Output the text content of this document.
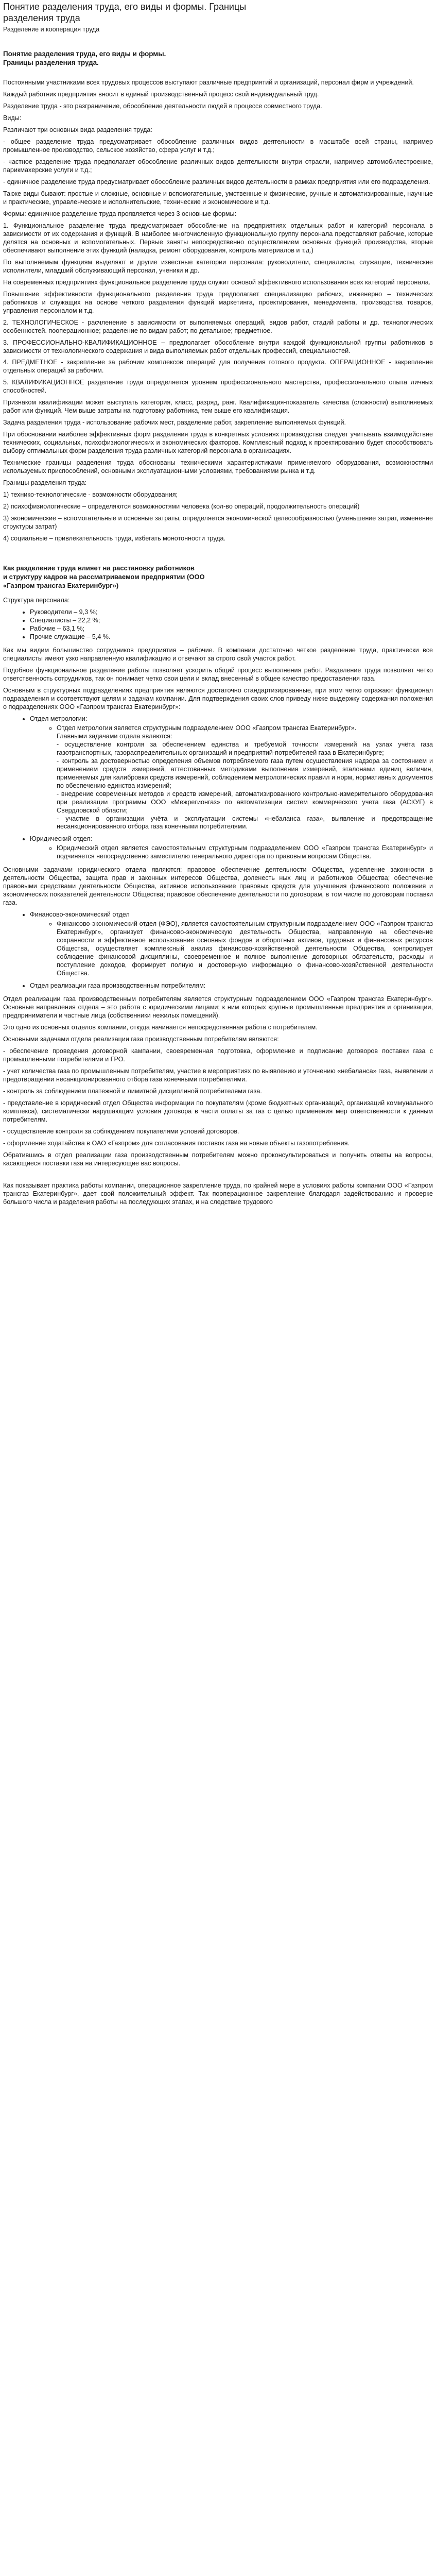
Понятие разделения труда, его виды и формы. Границы
разделения труда
Разделение и кооперация труда
Понятие разделения труда, его виды и формы.
Границы разделения труда.

Постоянными участниками всех трудовых процессов выступают различные предприятий и организаций, персонал фирм и учреждений.

Каждый работник предприятия вносит в единый производственный процесс свой индивидуальный труд.

Разделение труда - это разграничение, обособление деятельности людей в процессе совместного труда.

Виды:

Различают три основных вида разделения труда:

- общее разделение труда предусматривает обособление различных видов деятельности в масштабе всей страны, например промышленное производство, сельское хозяйство, сфера услуг и т.д.;

- частное разделение труда предполагает обособление различных видов деятельности внутри отрасли, например автомобилестроение, парикмахерские услуги и т.д.;

- единичное разделение труда предусматривает обособление различных видов деятельности в рамках предприятия или его подразделения.

Также виды бывают: простые и сложные, основные и вспомогательные, умственные и физические, ручные и автоматизированные, научные и практические, управленческие и исполнительские, технические и экономические и т.д.

Формы: единичное разделение труда проявляется через 3 основные формы:

1. Функциональное разделение труда предусматривает обособление на предприятиях отдельных работ и категорий персонала в зависимости от их содержания и функций. В наиболее многочисленную функциональную группу персонала представляют рабочие, которые делятся на основных и вспомогательных. Первые заняты непосредственно осуществлением основных функций производства, вторые обеспечивают выполнение этих функций (наладка, ремонт оборудования, контроль материалов и т.д.)

По выполняемым функциям выделяют и другие известные категории персонала: руководители, специалисты, служащие, технические исполнители, младший обслуживающий персонал, ученики и др.

На современных предприятиях функциональное разделение труда служит основой эффективного использования всех категорий персонала.

Повышение эффективности функционального разделения труда предполагает специализацию рабочих, инженерно – технических работников и служащих на основе четкого разделения функций маркетинга, проектирования, менеджмента, производства товаров, управления персоналом и т.д.

2. ТЕХНОЛОГИЧЕСКОЕ - расчленение в зависимости от выполняемых операций, видов работ, стадий работы и др. технологических особенностей. пооперационное; разделение по видам работ; по детальное; предметное.

3. ПРОФЕССИОНАЛЬНО-КВАЛИФИКАЦИОННОЕ – предполагает обособление внутри каждой функциональной группы работников в зависимости от технологического содержания и вида выполняемых работ отдельных профессий, специальностей.

4. ПРЕДМЕТНОЕ - закрепление за рабочим комплексов операций для получения готового продукта. ОПЕРАЦИОННОЕ - закрепление отдельных операций за рабочим.

5. КВАЛИФИКАЦИОННОЕ разделение труда определяется уровнем профессионального мастерства, профессионального опыта личных способностей.

Признаком квалификации может выступать категория, класс, разряд, ранг. Квалификация-показатель качества (сложности) выполняемых работ или функций. Чем выше затраты на подготовку работника, тем выше его квалификация.

Задача разделения труда - использование рабочих мест, разделение работ, закрепление выполняемых функций.

При обосновании наиболее эффективных форм разделения труда в конкретных условиях производства следует учитывать взаимодействие технических, социальных, психофизиологических и экономических факторов. Комплексный подход к проектированию будет способствовать выбору оптимальных форм разделения труда различных категорий персонала в организациях.

Технические границы разделения труда обоснованы техническими характеристиками применяемого оборудования, возможностями используемых приспособлений, основными эксплуатационными условиями, требованиями рынка и т.д.

Границы разделения труда:

1) технико-технологические - возможности оборудования;

2) психофизиологические – определяются возможностями человека (кол-во операций, продолжительность операций)

3) экономические – вспомогательные и основные затраты, определяется экономической целесообразностью (уменьшение затрат, изменение структуры затрат)

4) социальные – привлекательность труда, избегать монотонности труда.

Как разделение труда влияет на расстановку работников
и структуру кадров на рассматриваемом предприятии (ООО
«Газпром трансгаз Екатеринбург»)

Структура персонала:

• Руководители – 9,3 %;
• Специалисты – 22,2 %;
• Рабочие – 63,1 %;
• Прочие служащие – 5,4 %.

Как мы видим большинство сотрудников предприятия – рабочие. В компании достаточно четкое разделение труда, практически все специалисты имеют узко направленную квалификацию и отвечают за строго свой участок работ.

Подобное функциональное разделение работы позволяет ускорить общий процесс выполнения работ. Разделение труда позволяет четко ответственность сотрудников, так он понимает четко свои цели и вклад внесенный в общее качество предоставления газа.

Основным в структурных подразделениях предприятия являются достаточно стандартизированные, при этом четко отражают функционал подразделения и соответствуют целям и задачам компании. Для подтверждения своих слов приведу ниже выдержку содержания положения о подразделениях ООО «Газпром трансгаз Екатеринбург»:

• Отдел метрологии:
◦ Отдел метрологии является структурным подразделением ООО «Газпром трансгаз Екатеринбург».
Главными задачами отдела являются:
- осуществление контроля за обеспечением единства и требуемой точности измерений на узлах учёта газа газотранспортных, газораспределительных организаций и предприятий-потребителей газа в Екатеринбурге;
- контроль за достоверностью определения объемов потребляемого газа путем осуществления надзора за состоянием и применением средств измерений, аттестованных методиками выполнения измерений, эталонами единиц величин, применяемых для калибровки средств измерений, соблюдением метрологических правил и норм, нормативных документов по обеспечению единства измерений;
- внедрение современных методов и средств измерений, автоматизированного контрольно-измерительного оборудования при реализации программы ООО «Межрегионгаз» по автоматизации систем коммерческого учета газа (АСКУГ) в Свердловской области;
- участие в организации учёта и эксплуатации системы «небаланса газа», выявление и предотвращение несанкционированного отбора газа конечными потребителями.
• Юридический отдел:
◦ Юридический отдел является самостоятельным структурным подразделением ООО «Газпром трансгаз Екатеринбург» и подчиняется непосредственно заместителю генерального директора по правовым вопросам Общества.

Основными задачами юридического отдела являются: правовое обеспечение деятельности Общества, укрепление законности в деятельности Общества, защита прав и законных интересов Общества, доленесть ных лиц и работников Общества; обеспечение правовыми средствами деятельности Общества, активное использование правовых средств для улучшения финансового положения и экономических показателей деятельности Общества; правовое обеспечение деятельности по договорам, в том числе по договорам поставки газа.

• Финансово-экономический отдел
◦ Финансово-экономический отдел (ФЭО), является самостоятельным структурным подразделением ООО «Газпром трансгаз Екатеринбург», организует финансово-экономическую деятельность Общества, направленную на обеспечение сохранности и эффективное использование основных фондов и оборотных активов, трудовых и финансовых ресурсов Общества, осуществляет комплексный анализ финансово-хозяйственной деятельности Общества, контролирует соблюдение финансовой дисциплины, своевременное и полное выполнение договорных обязательств, расходы и поступление доходов, формирует полную и достоверную информацию о финансово-хозяйственной деятельности Общества.
• Отдел реализации газа производственным потребителям:

Отдел реализации газа производственным потребителям является структурным подразделением ООО «Газпром трансгаз Екатеринбург». Основные направления отдела – это работа с юридическими лицами; к ним которых крупные промышленные предприятия и организации, предприниматели и частные лица (собственники нежилых помещений).

Это одно из основных отделов компании, откуда начинается непосредственная работа с потребителем.

Основными задачами отдела реализации газа производственным потребителям являются:

- обеспечение проведения договорной кампании, своевременная подготовка, оформление и подписание договоров поставки газа с промышленными потребителями и ГРО.

- учет количества газа по промышленным потребителям, участие в мероприятиях по выявлению и уточнению «небаланса» газа, выявлении и предотвращении несанкционированного отбора газа конечными потребителями.

- контроль за соблюдением платежной и лимитной дисциплиной потребителями газа.

- представление в юридический отдел Общества информации по покупателям (кроме бюджетных организаций, организаций коммунального комплекса), систематически нарушающим условия договора в части оплаты за газ с целью применения мер ответственности к данным потребителям.

- осуществление контроля за соблюдением покупателями условий договоров.

- оформление ходатайства в ОАО «Газпром» для согласования поставок газа на новые объекты газопотребления.

Обратившись в отдел реализации газа производственным потребителям можно проконсультироваться и получить ответы на вопросы, касающиеся поставки газа на интересующие вас вопросы.

Как показывает практика работы компании, операционное закрепление труда, по крайней мере в условиях работы компании ООО «Газпром трансгаз Екатеринбург», дает свой положительный эффект. Так пооперационное закрепление благодаря задействованию и проверке большого числа и разделения работы на последующих этапах, и на следствие трудового
